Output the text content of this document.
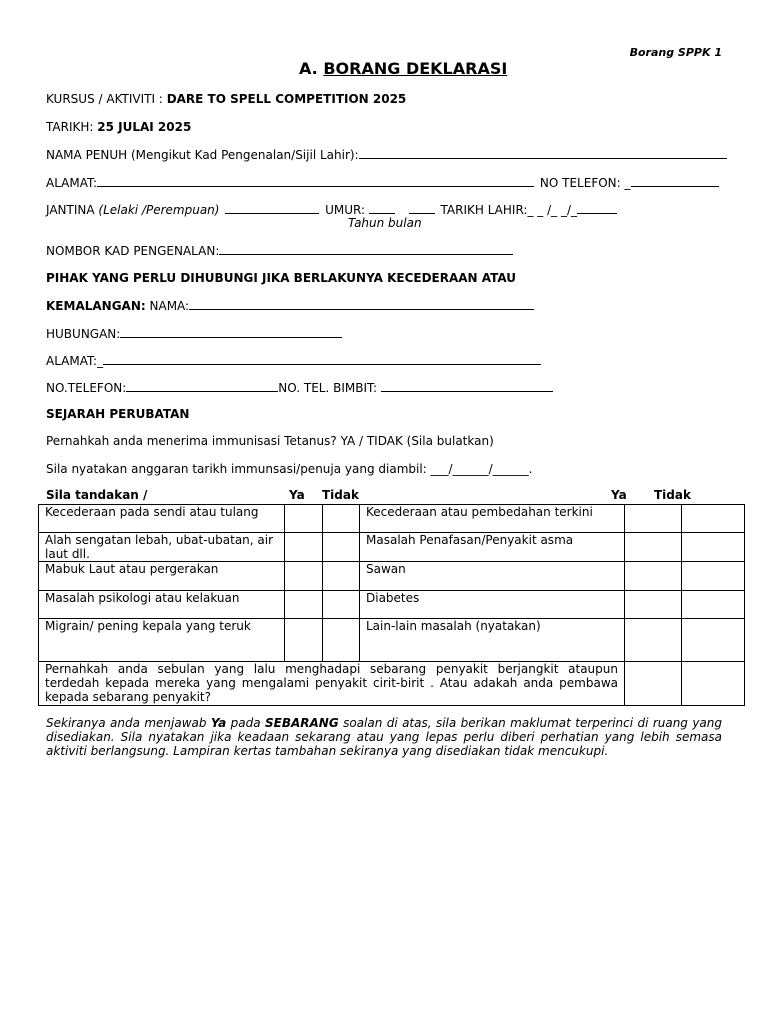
Borang SPPK 1
A. BORANG DEKLARASI
KURSUS / AKTIVITI : DARE TO SPELL COMPETITION 2025
TARIKH: 25 JULAI 2025
NAMA PENUH (Mengikut Kad Pengenalan/Sijil Lahir):
ALAMAT:	NO TELEFON: _
JANTINA (Lelaki /Perempuan)	UMUR:	TARIKH LAHIR:_ _ /_ _/_
Tahun bulan
NOMBOR KAD PENGENALAN:
PIHAK YANG PERLU DIHUBUNGI JIKA BERLAKUNYA KECEDERAAN ATAU
KEMALANGAN: NAMA:
HUBUNGAN:
ALAMAT:_
NO.TELEFON:	NO. TEL. BIMBIT:
SEJARAH PERUBATAN
Pernahkah anda menerima immunisasi Tetanus? YA / TIDAK (Sila bulatkan)
Sila nyatakan anggaran tarikh immunsasi/penuja yang diambil: ___/______/______.
Sila tandakan /	Ya Tidak	Ya Tidak
Kecederaan pada sendi atau tulang			Kecederaan atau pembedahan terkini		
Alah sengatan lebah, ubat-ubatan, air laut dll.			Masalah Penafasan/Penyakit asma		
Mabuk Laut atau pergerakan			Sawan		
Masalah psikologi atau kelakuan			Diabetes		
Migrain/ pening kepala yang teruk			Lain-lain masalah (nyatakan)		
Pernahkah anda sebulan yang lalu menghadapi sebarang penyakit berjangkit ataupun terdedah kepada mereka yang mengalami penyakit cirit-birit . Atau adakah anda pembawa kepada sebarang penyakit?					
Sekiranya anda menjawab Ya pada SEBARANG soalan di atas, sila berikan maklumat terperinci di ruang yang disediakan. Sila nyatakan jika keadaan sekarang atau yang lepas perlu diberi perhatian yang lebih semasa aktiviti berlangsung. Lampiran kertas tambahan sekiranya yang disediakan tidak mencukupi.
